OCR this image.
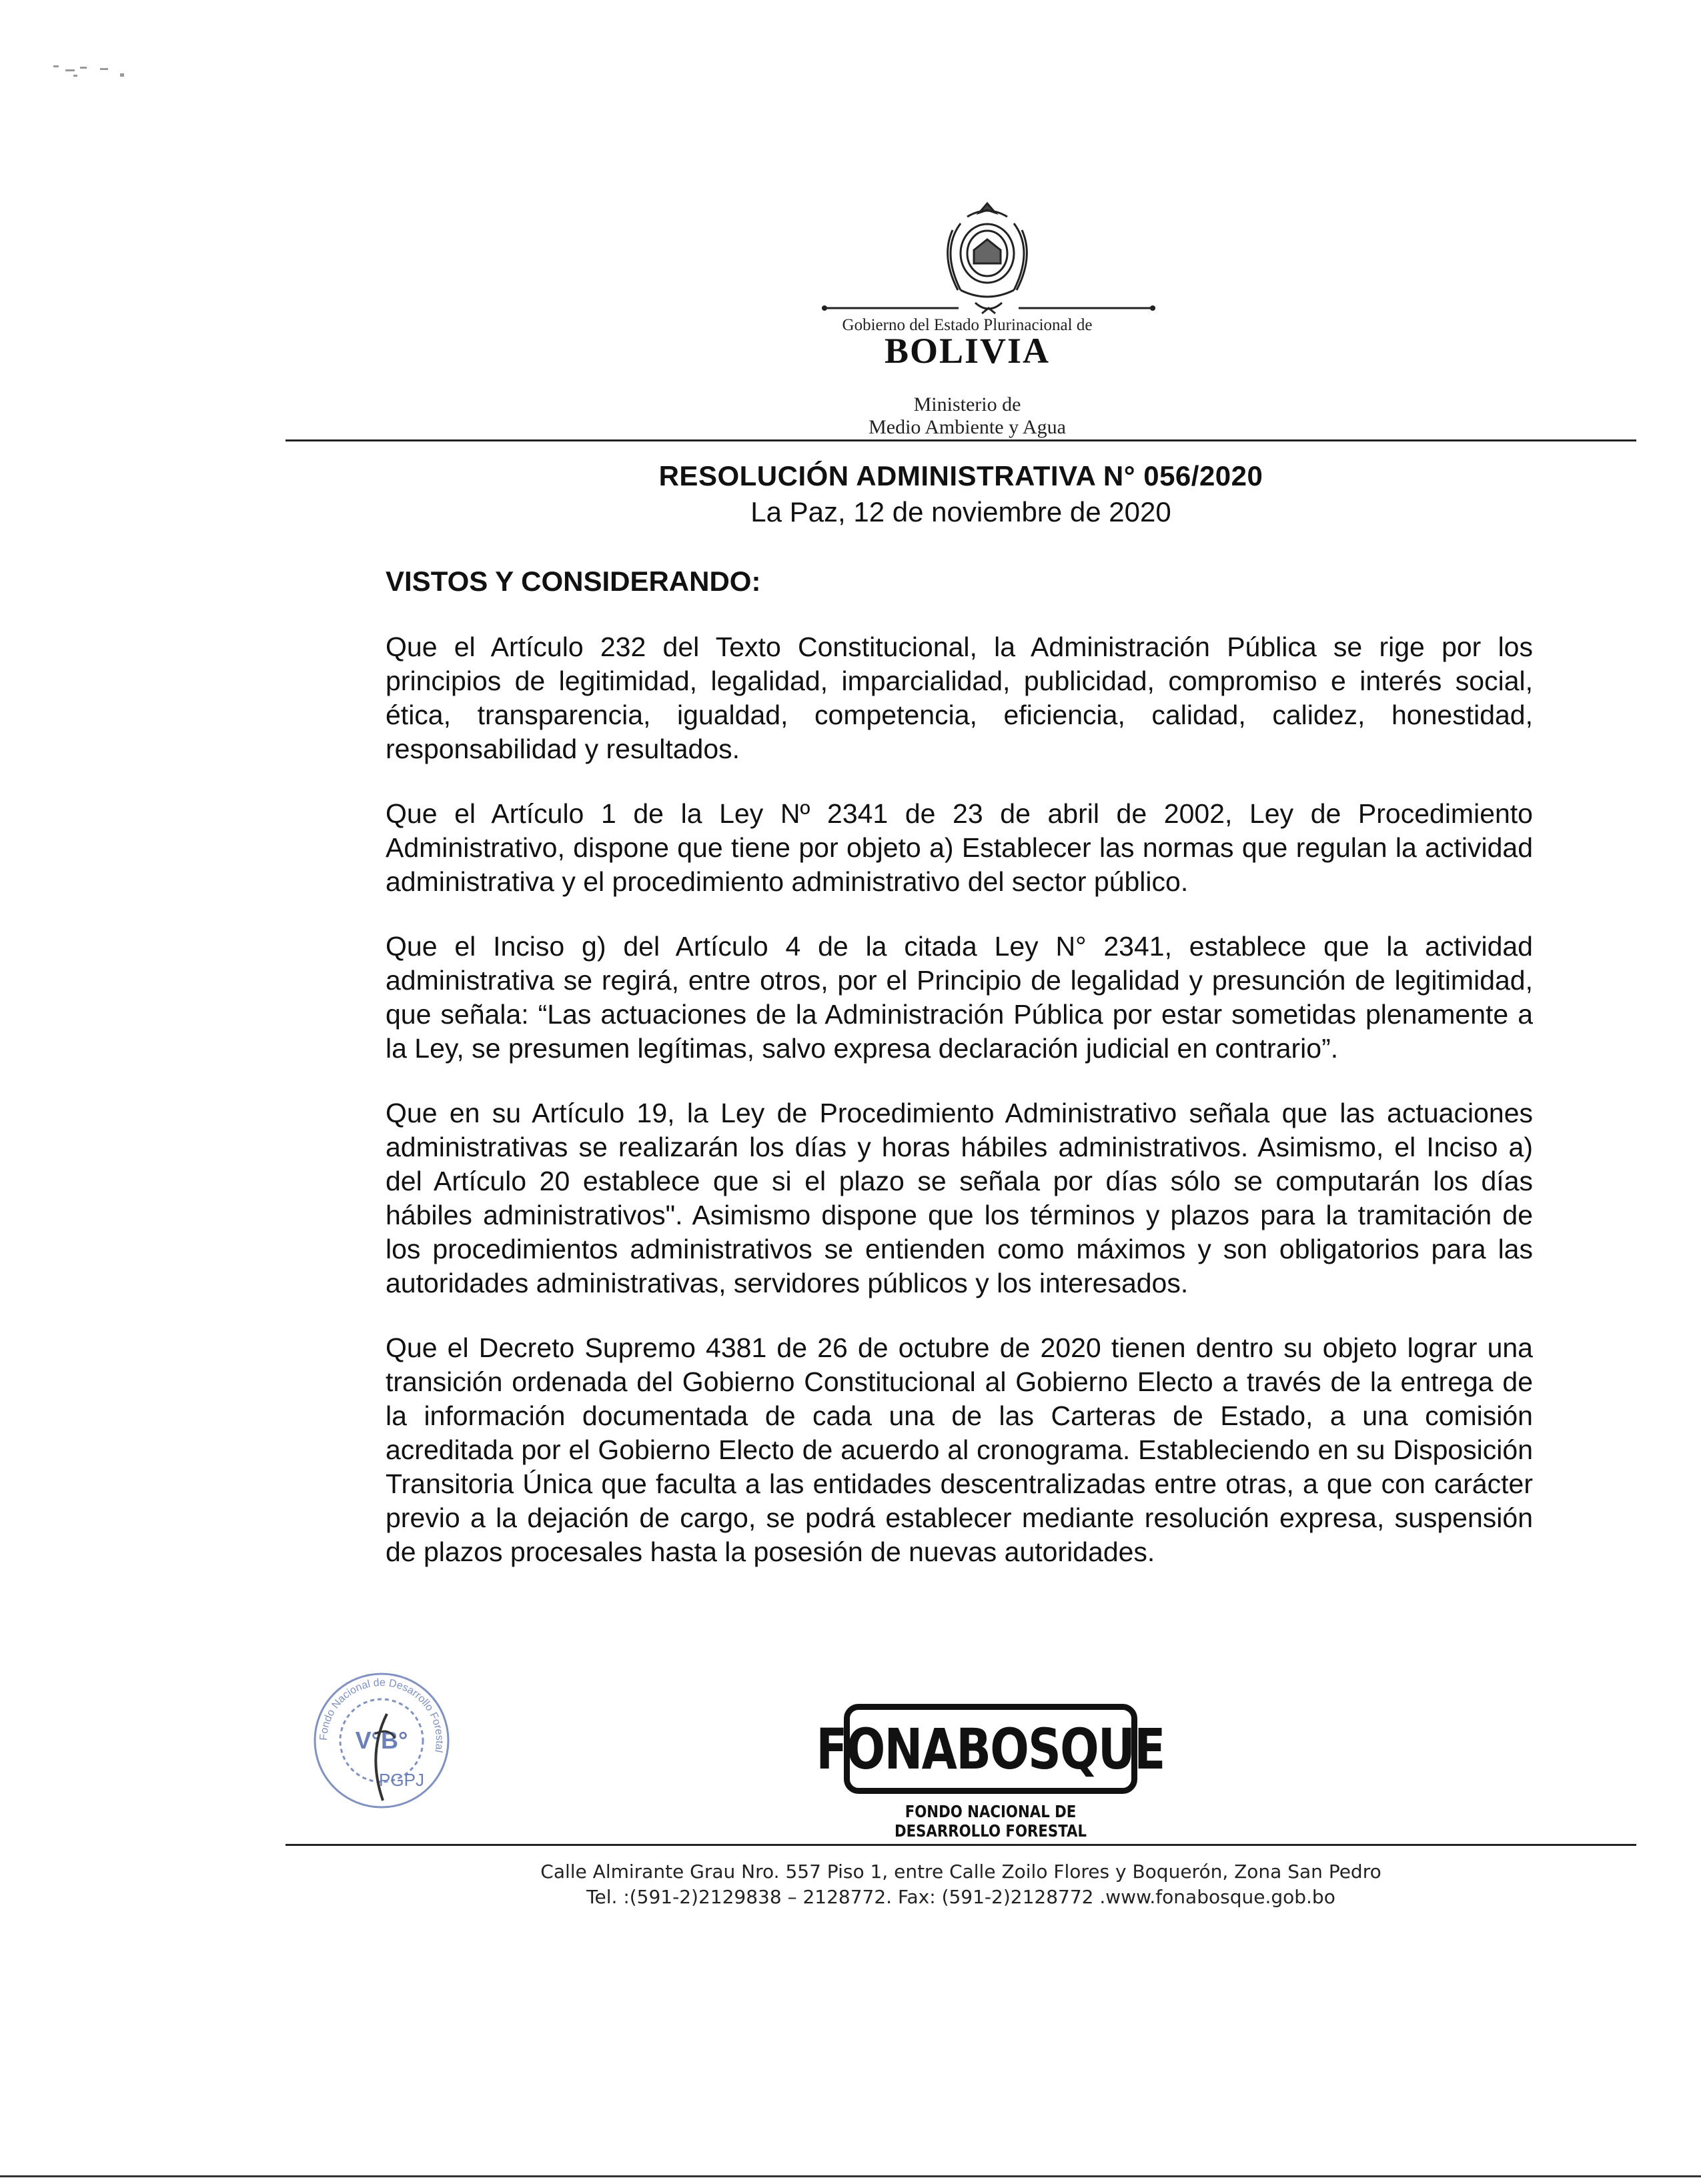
Gobierno del Estado Plurinacional de
BOLIVIA
Ministerio de
Medio Ambiente y Agua
RESOLUCIÓN ADMINISTRATIVA N° 056/2020
La Paz, 12 de noviembre de 2020
VISTOS Y CONSIDERANDO:

Que el Artículo 232 del Texto Constitucional, la Administración Pública se rige por los principios de legitimidad, legalidad, imparcialidad, publicidad, compromiso e interés social, ética, transparencia, igualdad, competencia, eficiencia, calidad, calidez, honestidad, responsabilidad y resultados.

Que el Artículo 1 de la Ley Nº 2341 de 23 de abril de 2002, Ley de Procedimiento Administrativo, dispone que tiene por objeto a) Establecer las normas que regulan la actividad administrativa y el procedimiento administrativo del sector público.

Que el Inciso g) del Artículo 4 de la citada Ley N° 2341, establece que la actividad administrativa se regirá, entre otros, por el Principio de legalidad y presunción de legitimidad, que señala: “Las actuaciones de la Administración Pública por estar sometidas plenamente a la Ley, se presumen legítimas, salvo expresa declaración judicial en contrario”.

Que en su Artículo 19, la Ley de Procedimiento Administrativo señala que las actuaciones administrativas se realizarán los días y horas hábiles administrativos. Asimismo, el Inciso a) del Artículo 20 establece que si el plazo se señala por días sólo se computarán los días hábiles administrativos". Asimismo dispone que los términos y plazos para la tramitación de los procedimientos administrativos se entienden como máximos y son obligatorios para las autoridades administrativas, servidores públicos y los interesados.

Que el Decreto Supremo 4381 de 26 de octubre de 2020 tienen dentro su objeto lograr una transición ordenada del Gobierno Constitucional al Gobierno Electo a través de la entrega de la información documentada de cada una de las Carteras de Estado, a una comisión acreditada por el Gobierno Electo de acuerdo al cronograma. Estableciendo en su Disposición Transitoria Única que faculta a las entidades descentralizadas entre otras, a que con carácter previo a la dejación de cargo, se podrá establecer mediante resolución expresa, suspensión de plazos procesales hasta la posesión de nuevas autoridades.

Fondo Nacional de Desarrollo Forestal
V°B°
PGPJ	FONABOSQUE
FONDO NACIONAL DE DESARROLLO FORESTAL
Calle Almirante Grau Nro. 557 Piso 1, entre Calle Zoilo Flores y Boquerón, Zona San Pedro
Tel. :(591-2)2129838 – 2128772. Fax: (591-2)2128772 .www.fonabosque.gob.bo
